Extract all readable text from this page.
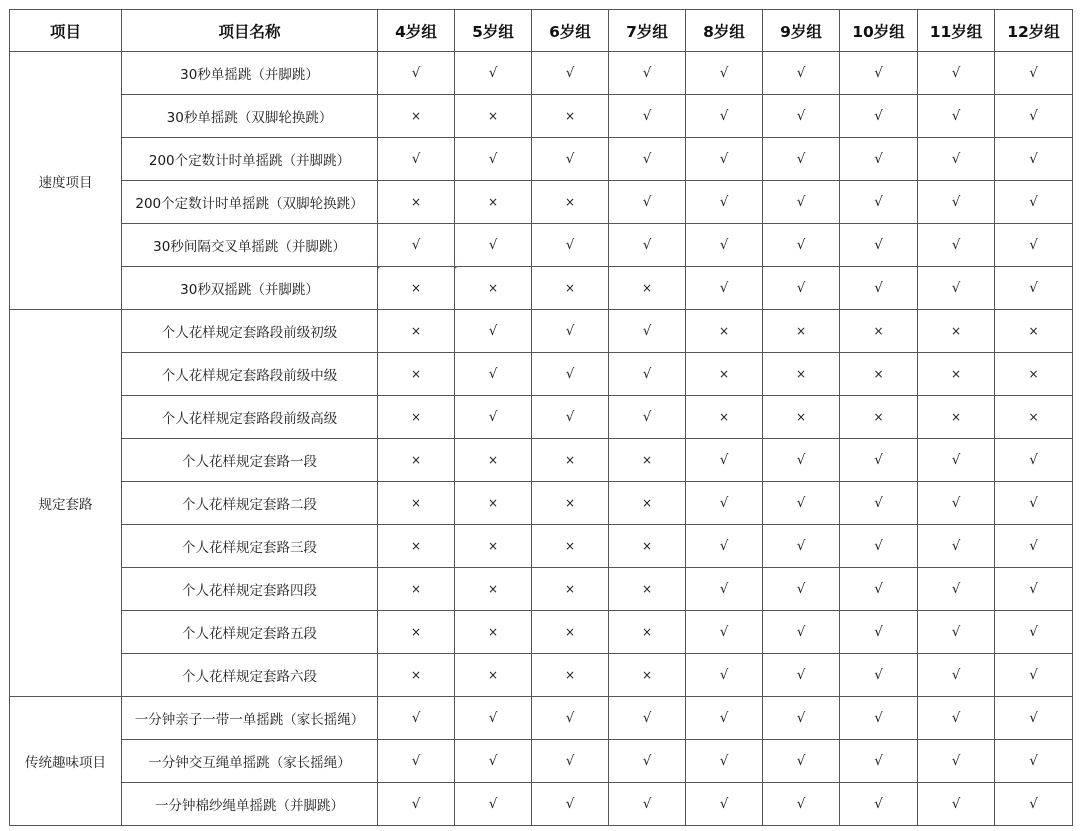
项目	项目名称	4岁组	5岁组	6岁组	7岁组	8岁组	9岁组	10岁组	11岁组	12岁组
速度项目	30秒单摇跳（并脚跳）	√	√	√	√	√	√	√	√	√
	30秒单摇跳（双脚轮换跳）	×	×	×	√	√	√	√	√	√
	200个定数计时单摇跳（并脚跳）	√	√	√	√	√	√	√	√	√
	200个定数计时单摇跳（双脚轮换跳）	×	×	×	√	√	√	√	√	√
	30秒间隔交叉单摇跳（并脚跳）	√	√	√	√	√	√	√	√	√
	30秒双摇跳（并脚跳）	×	×	×	×	√	√	√	√	√
规定套路	个人花样规定套路段前级初级	×	√	√	√	×	×	×	×	×
	个人花样规定套路段前级中级	×	√	√	√	×	×	×	×	×
	个人花样规定套路段前级高级	×	√	√	√	×	×	×	×	×
	个人花样规定套路一段	×	×	×	×	√	√	√	√	√
	个人花样规定套路二段	×	×	×	×	√	√	√	√	√
	个人花样规定套路三段	×	×	×	×	√	√	√	√	√
	个人花样规定套路四段	×	×	×	×	√	√	√	√	√
	个人花样规定套路五段	×	×	×	×	√	√	√	√	√
	个人花样规定套路六段	×	×	×	×	√	√	√	√	√
传统趣味项目	一分钟亲子一带一单摇跳（家长摇绳）	√	√	√	√	√	√	√	√	√
	一分钟交互绳单摇跳（家长摇绳）	√	√	√	√	√	√	√	√	√
	一分钟棉纱绳单摇跳（并脚跳）	√	√	√	√	√	√	√	√	√
